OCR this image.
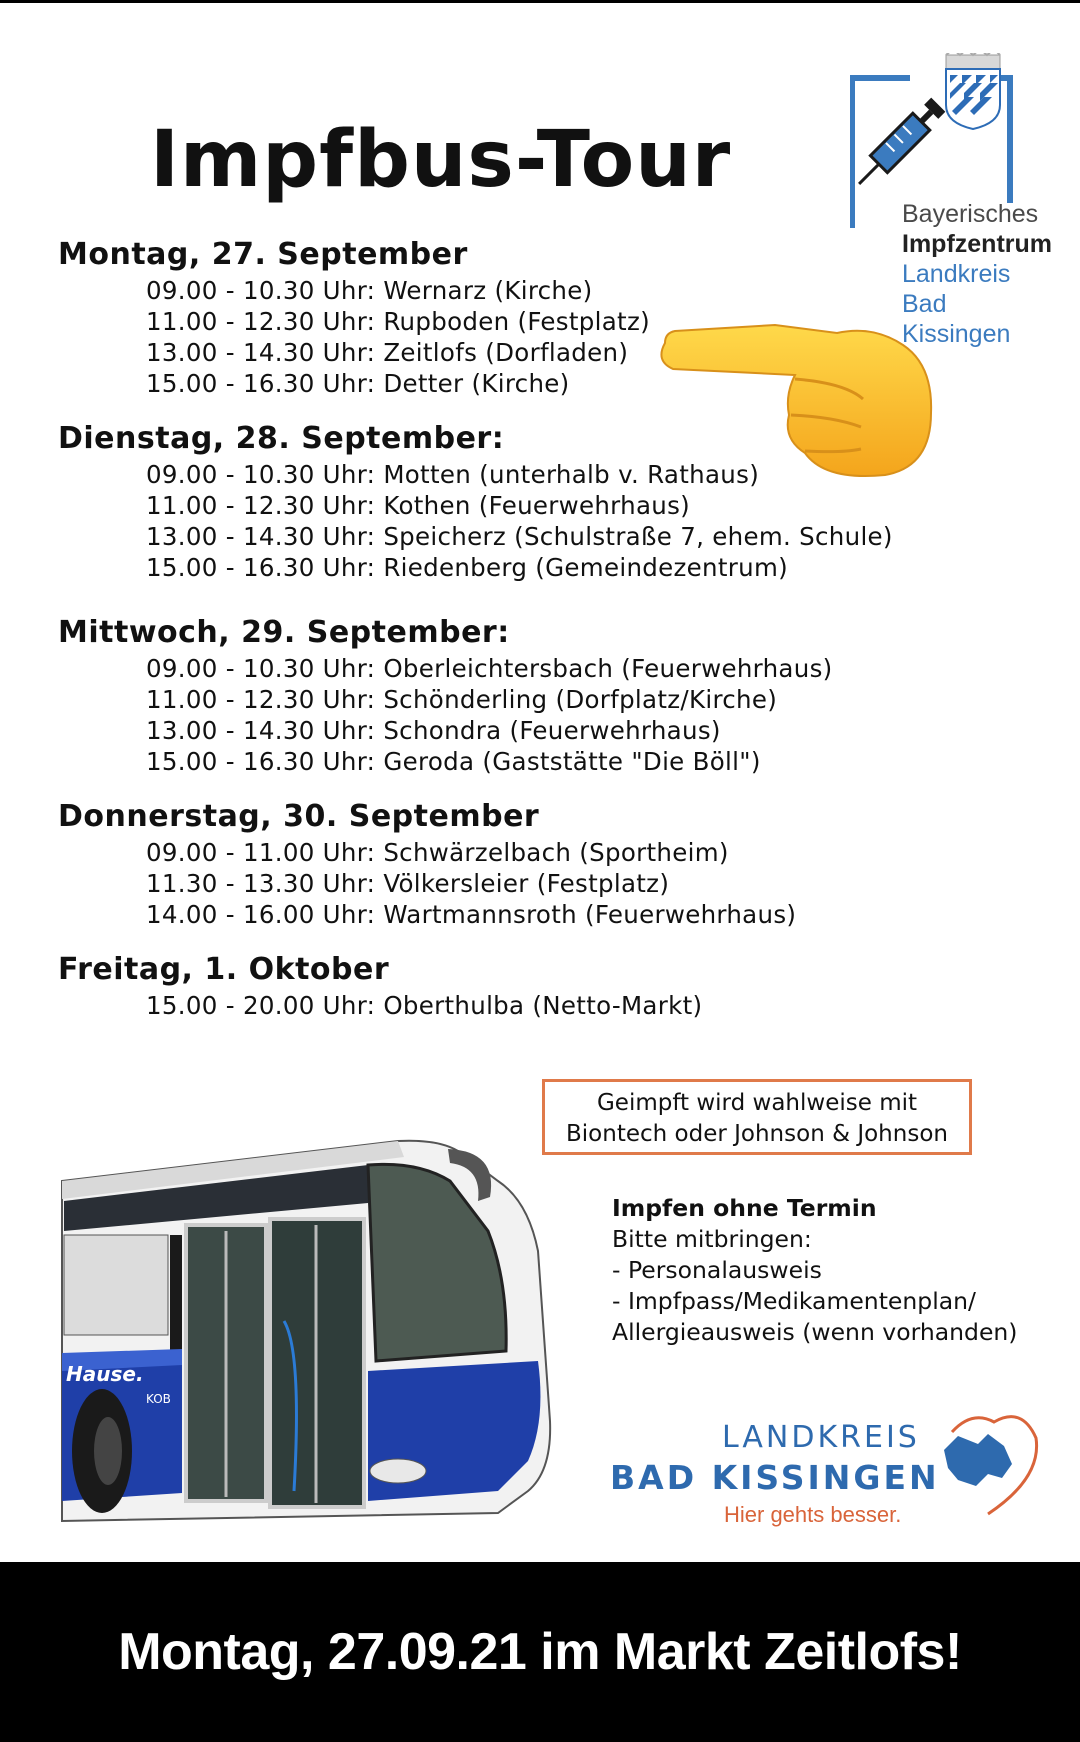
Impfbus-Tour
Bayerisches
Impfzentrum
Landkreis
Bad Kissingen
Montag, 27. September
09.00 - 10.30 Uhr: Wernarz (Kirche)
11.00 - 12.30 Uhr: Rupboden (Festplatz)
13.00 - 14.30 Uhr: Zeitlofs (Dorfladen)
15.00 - 16.30 Uhr: Detter (Kirche)
Dienstag, 28. September:
09.00 - 10.30 Uhr: Motten (unterhalb v. Rathaus)
11.00 - 12.30 Uhr: Kothen (Feuerwehrhaus)
13.00 - 14.30 Uhr: Speicherz (Schulstraße 7, ehem. Schule)
15.00 - 16.30 Uhr: Riedenberg (Gemeindezentrum)
Mittwoch, 29. September:
09.00 - 10.30 Uhr: Oberleichtersbach (Feuerwehrhaus)
11.00 - 12.30 Uhr: Schönderling (Dorfplatz/Kirche)
13.00 - 14.30 Uhr: Schondra (Feuerwehrhaus)
15.00 - 16.30 Uhr: Geroda (Gaststätte "Die Böll")
Donnerstag, 30. September
09.00 - 11.00 Uhr: Schwärzelbach (Sportheim)
11.30 - 13.30 Uhr: Völkersleier (Festplatz)
14.00 - 16.00 Uhr: Wartmannsroth (Feuerwehrhaus)
Freitag, 1. Oktober
15.00 - 20.00 Uhr: Oberthulba (Netto-Markt)
Geimpft wird wahlweise mit
Biontech oder Johnson & Johnson
Hause.
KOB
Impfen ohne Termin
Bitte mitbringen:
- Personalausweis
- Impfpass/Medikamentenplan/
Allergieausweis (wenn vorhanden)
LANDKREIS
BAD KISSINGEN
Hier gehts besser.
Montag, 27.09.21 im Markt Zeitlofs!
